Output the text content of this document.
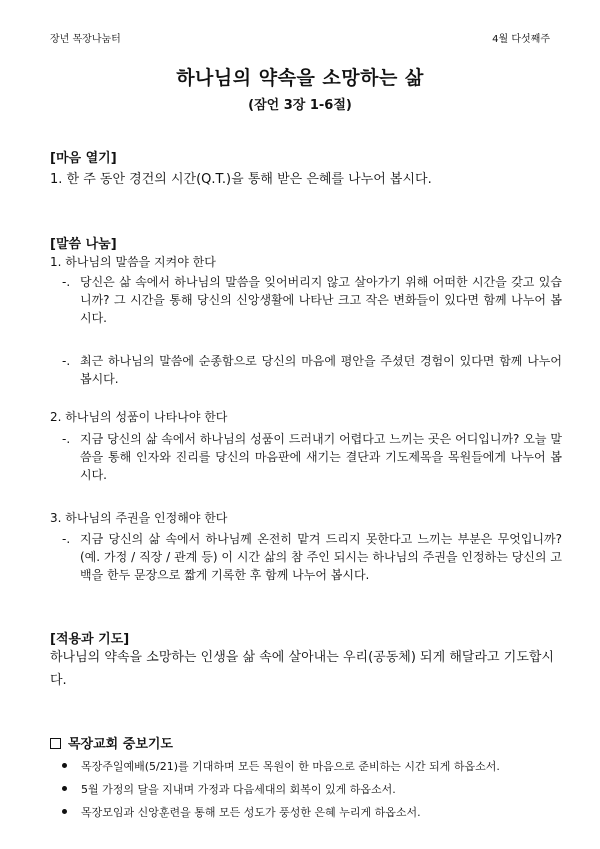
장년 목장나눔터	4월 다섯째주
하나님의 약속을 소망하는 삶
(잠언 3장 1-6절)
[마음 열기]
1. 한 주 동안 경건의 시간(Q.T.)을 통해 받은 은혜를 나누어 봅시다.
[말씀 나눔]
1. 하나님의 말씀을 지켜야 한다
-. 당신은 삶 속에서 하나님의 말씀을 잊어버리지 않고 살아가기 위해 어떠한 시간을 갖고 있습니까? 그 시간을 통해 당신의 신앙생활에 나타난 크고 작은 변화들이 있다면 함께 나누어 봅시다.
-. 최근 하나님의 말씀에 순종함으로 당신의 마음에 평안을 주셨던 경험이 있다면 함께 나누어 봅시다.
2. 하나님의 성품이 나타나야 한다
-. 지금 당신의 삶 속에서 하나님의 성품이 드러내기 어렵다고 느끼는 곳은 어디입니까? 오늘 말씀을 통해 인자와 진리를 당신의 마음판에 새기는 결단과 기도제목을 목원들에게 나누어 봅시다.
3. 하나님의 주권을 인정해야 한다
-. 지금 당신의 삶 속에서 하나님께 온전히 맡겨 드리지 못한다고 느끼는 부분은 무엇입니까? (예. 가정 / 직장 / 관계 등) 이 시간 삶의 참 주인 되시는 하나님의 주권을 인정하는 당신의 고백을 한두 문장으로 짧게 기록한 후 함께 나누어 봅시다.
[적용과 기도]
하나님의 약속을 소망하는 인생을 삶 속에 살아내는 우리(공동체) 되게 해달라고 기도합시다.
목장교회 중보기도
목장주일예배(5/21)를 기대하며 모든 목원이 한 마음으로 준비하는 시간 되게 하옵소서.
5월 가정의 달을 지내며 가정과 다음세대의 회복이 있게 하옵소서.
목장모임과 신앙훈련을 통해 모든 성도가 풍성한 은혜 누리게 하옵소서.
